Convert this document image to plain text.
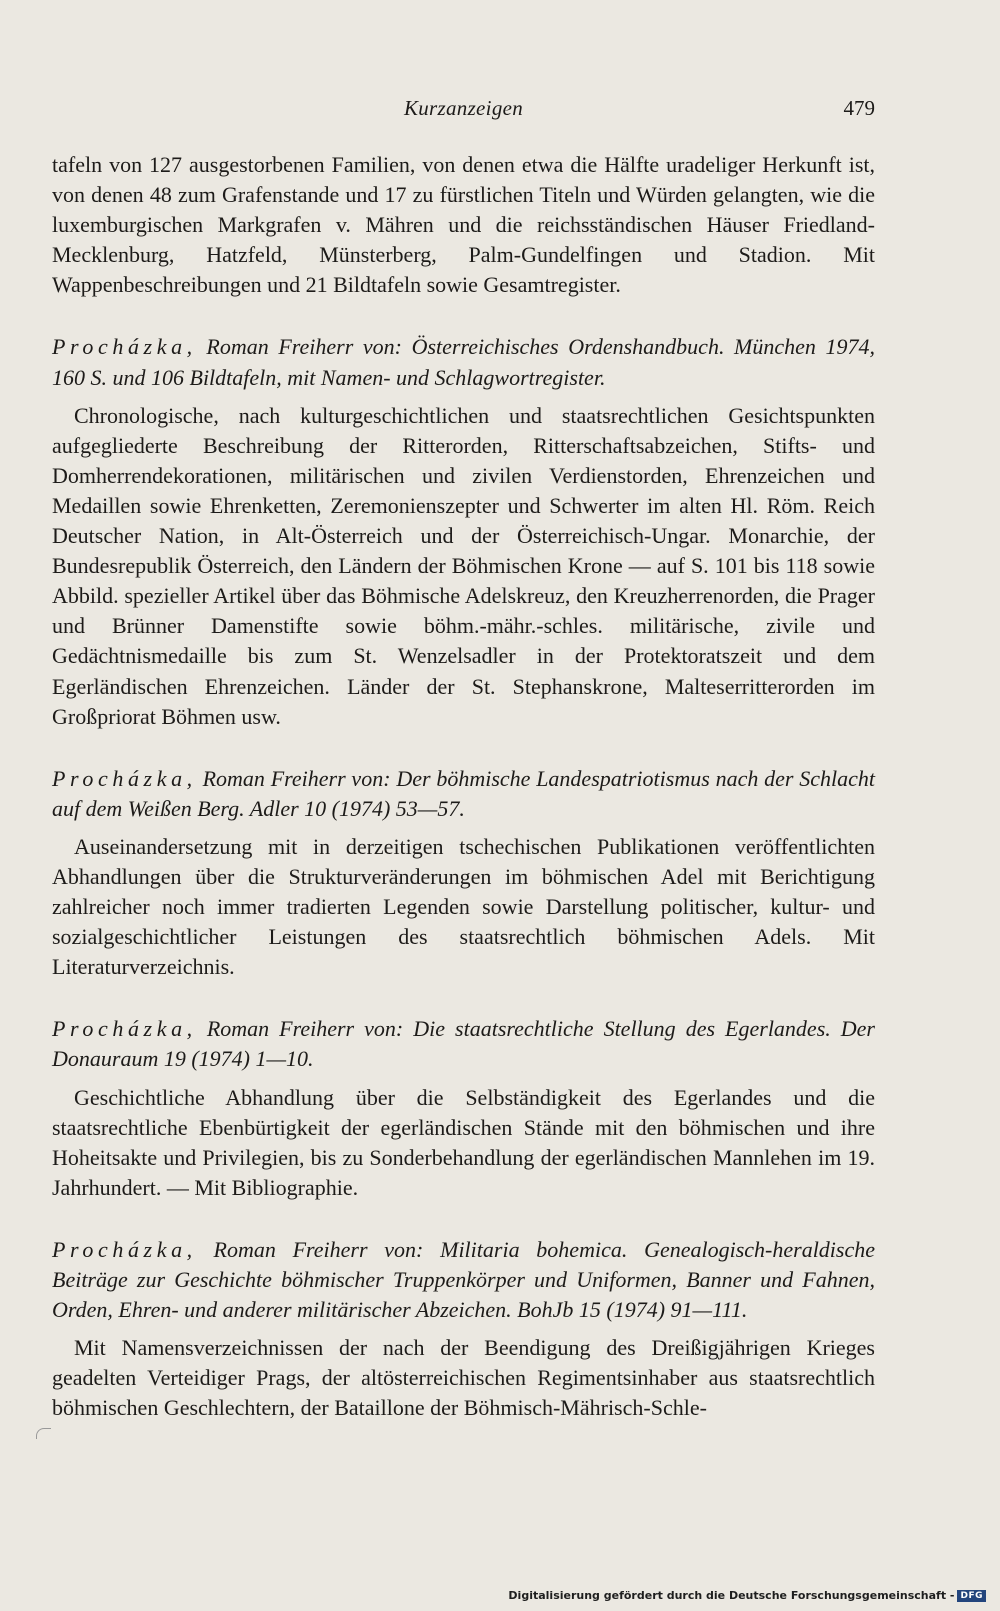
Kurzanzeigen	479

tafeln von 127 ausgestorbenen Familien, von denen etwa die Hälfte uradeliger Herkunft ist, von denen 48 zum Grafenstande und 17 zu fürstlichen Titeln und Würden gelangten, wie die luxemburgischen Markgrafen v. Mähren und die reichsständischen Häuser Friedland-Mecklenburg, Hatzfeld, Münsterberg, Palm-Gundelfingen und Stadion. Mit Wappenbeschreibungen und 21 Bildtafeln sowie Gesamtregister.

Procházka, Roman Freiherr von: Österreichisches Ordenshandbuch. München 1974, 160 S. und 106 Bildtafeln, mit Namen- und Schlagwortregister.

Chronologische, nach kulturgeschichtlichen und staatsrechtlichen Gesichtspunkten aufgegliederte Beschreibung der Ritterorden, Ritterschaftsabzeichen, Stifts- und Domherrendekorationen, militärischen und zivilen Verdienstorden, Ehrenzeichen und Medaillen sowie Ehrenketten, Zeremonienszepter und Schwerter im alten Hl. Röm. Reich Deutscher Nation, in Alt-Österreich und der Österreichisch-Ungar. Monarchie, der Bundesrepublik Österreich, den Ländern der Böhmischen Krone — auf S. 101 bis 118 sowie Abbild. spezieller Artikel über das Böhmische Adelskreuz, den Kreuzherrenorden, die Prager und Brünner Damenstifte sowie böhm.-mähr.-schles. militärische, zivile und Gedächtnismedaille bis zum St. Wenzelsadler in der Protektoratszeit und dem Egerländischen Ehrenzeichen. Länder der St. Stephanskrone, Malteserritterorden im Großpriorat Böhmen usw.

Procházka, Roman Freiherr von: Der böhmische Landespatriotismus nach der Schlacht auf dem Weißen Berg. Adler 10 (1974) 53—57.

Auseinandersetzung mit in derzeitigen tschechischen Publikationen veröffentlichten Abhandlungen über die Strukturveränderungen im böhmischen Adel mit Berichtigung zahlreicher noch immer tradierten Legenden sowie Darstellung politischer, kultur- und sozialgeschichtlicher Leistungen des staatsrechtlich böhmischen Adels. Mit Literaturverzeichnis.

Procházka, Roman Freiherr von: Die staatsrechtliche Stellung des Egerlandes. Der Donauraum 19 (1974) 1—10.

Geschichtliche Abhandlung über die Selbständigkeit des Egerlandes und die staatsrechtliche Ebenbürtigkeit der egerländischen Stände mit den böhmischen und ihre Hoheitsakte und Privilegien, bis zu Sonderbehandlung der egerländischen Mannlehen im 19. Jahrhundert. — Mit Bibliographie.

Procházka, Roman Freiherr von: Militaria bohemica. Genealogisch-heraldische Beiträge zur Geschichte böhmischer Truppenkörper und Uniformen, Banner und Fahnen, Orden, Ehren- und anderer militärischer Abzeichen. BohJb 15 (1974) 91—111.

Mit Namensverzeichnissen der nach der Beendigung des Dreißigjährigen Krieges geadelten Verteidiger Prags, der altösterreichischen Regimentsinhaber aus staatsrechtlich böhmischen Geschlechtern, der Bataillone der Böhmisch-Mährisch-Schle-

Digitalisierung gefördert durch die Deutsche Forschungsgemeinschaft - DFG
